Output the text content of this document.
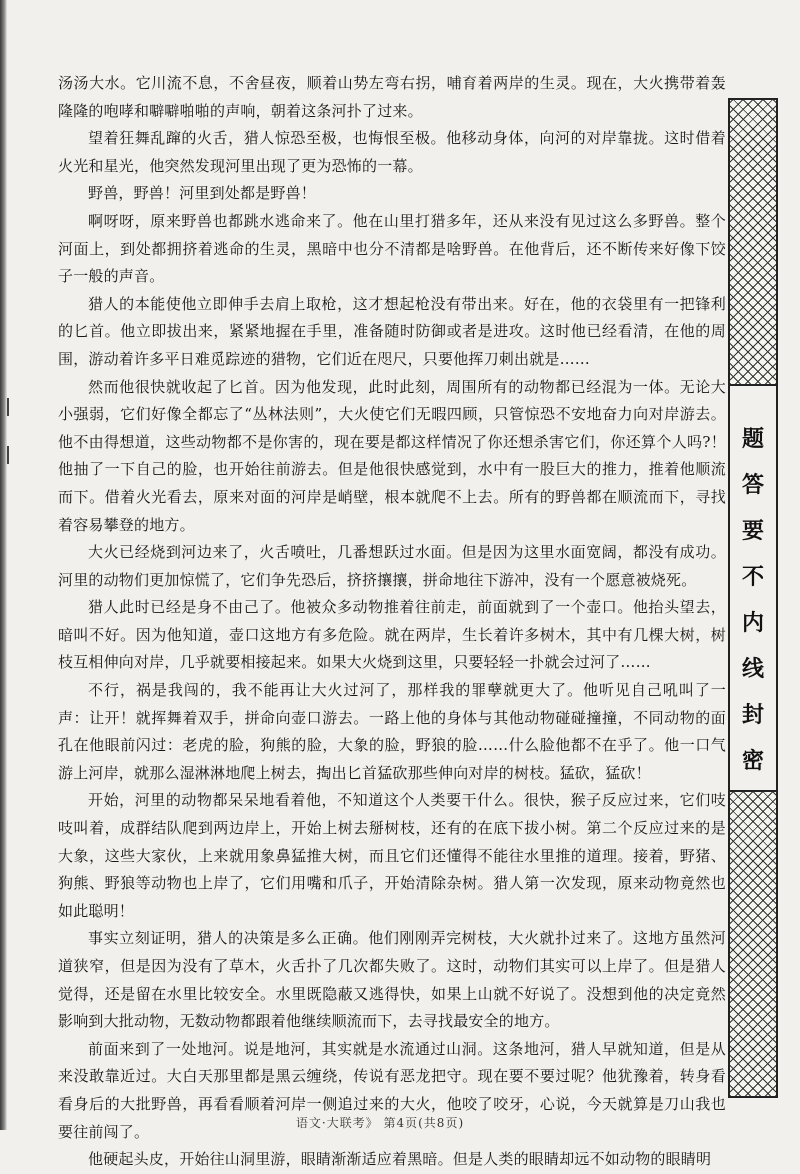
汤汤大水。它川流不息，不舍昼夜，顺着山势左弯右拐，哺育着两岸的生灵。现在，大火携带着轰隆隆的咆哮和噼噼啪啪的声响，朝着这条河扑了过来。

望着狂舞乱蹿的火舌，猎人惊恐至极，也悔恨至极。他移动身体，向河的对岸靠拢。这时借着火光和星光，他突然发现河里出现了更为恐怖的一幕。

野兽，野兽！河里到处都是野兽！

啊呀呀，原来野兽也都跳水逃命来了。他在山里打猎多年，还从来没有见过这么多野兽。整个河面上，到处都拥挤着逃命的生灵，黑暗中也分不清都是啥野兽。在他背后，还不断传来好像下饺子一般的声音。

猎人的本能使他立即伸手去肩上取枪，这才想起枪没有带出来。好在，他的衣袋里有一把锋利的匕首。他立即拔出来，紧紧地握在手里，准备随时防御或者是进攻。这时他已经看清，在他的周围，游动着许多平日难觅踪迹的猎物，它们近在咫尺，只要他挥刀刺出就是……

然而他很快就收起了匕首。因为他发现，此时此刻，周围所有的动物都已经混为一体。无论大小强弱，它们好像全都忘了“丛林法则”，大火使它们无暇四顾，只管惊恐不安地奋力向对岸游去。他不由得想道，这些动物都不是你害的，现在要是都这样情况了你还想杀害它们，你还算个人吗?！他抽了一下自己的脸，也开始往前游去。但是他很快感觉到，水中有一股巨大的推力，推着他顺流而下。借着火光看去，原来对面的河岸是峭壁，根本就爬不上去。所有的野兽都在顺流而下，寻找着容易攀登的地方。

大火已经烧到河边来了，火舌喷吐，几番想跃过水面。但是因为这里水面宽阔，都没有成功。河里的动物们更加惊慌了，它们争先恐后，挤挤攘攘，拼命地往下游冲，没有一个愿意被烧死。

猎人此时已经是身不由己了。他被众多动物推着往前走，前面就到了一个壶口。他抬头望去，暗叫不好。因为他知道，壶口这地方有多危险。就在两岸，生长着许多树木，其中有几棵大树，树枝互相伸向对岸，几乎就要相接起来。如果大火烧到这里，只要轻轻一扑就会过河了……

不行，祸是我闯的，我不能再让大火过河了，那样我的罪孽就更大了。他听见自己吼叫了一声：让开！就挥舞着双手，拼命向壶口游去。一路上他的身体与其他动物碰碰撞撞，不同动物的面孔在他眼前闪过：老虎的脸，狗熊的脸，大象的脸，野狼的脸……什么脸他都不在乎了。他一口气游上河岸，就那么湿淋淋地爬上树去，掏出匕首猛砍那些伸向对岸的树枝。猛砍，猛砍！

开始，河里的动物都呆呆地看着他，不知道这个人类要干什么。很快，猴子反应过来，它们吱吱叫着，成群结队爬到两边岸上，开始上树去掰树枝，还有的在底下拔小树。第二个反应过来的是大象，这些大家伙，上来就用象鼻猛推大树，而且它们还懂得不能往水里推的道理。接着，野猪、狗熊、野狼等动物也上岸了，它们用嘴和爪子，开始清除杂树。猎人第一次发现，原来动物竟然也如此聪明！

事实立刻证明，猎人的决策是多么正确。他们刚刚弄完树枝，大火就扑过来了。这地方虽然河道狭窄，但是因为没有了草木，火舌扑了几次都失败了。这时，动物们其实可以上岸了。但是猎人觉得，还是留在水里比较安全。水里既隐蔽又逃得快，如果上山就不好说了。没想到他的决定竟然影响到大批动物，无数动物都跟着他继续顺流而下，去寻找最安全的地方。

前面来到了一处地河。说是地河，其实就是水流通过山洞。这条地河，猎人早就知道，但是从来没敢靠近过。大白天那里都是黑云缠绕，传说有恶龙把守。现在要不要过呢？他犹豫着，转身看看身后的大批野兽，再看看顺着河岸一侧追过来的大火，他咬了咬牙，心说，今天就算是刀山我也要往前闯了。

他硬起头皮，开始往山洞里游，眼睛渐渐适应着黑暗。但是人类的眼睛却远不如动物的眼睛明

题
答
要
不
内
线
封
密
语文·大联考》 第4页(共8页)
